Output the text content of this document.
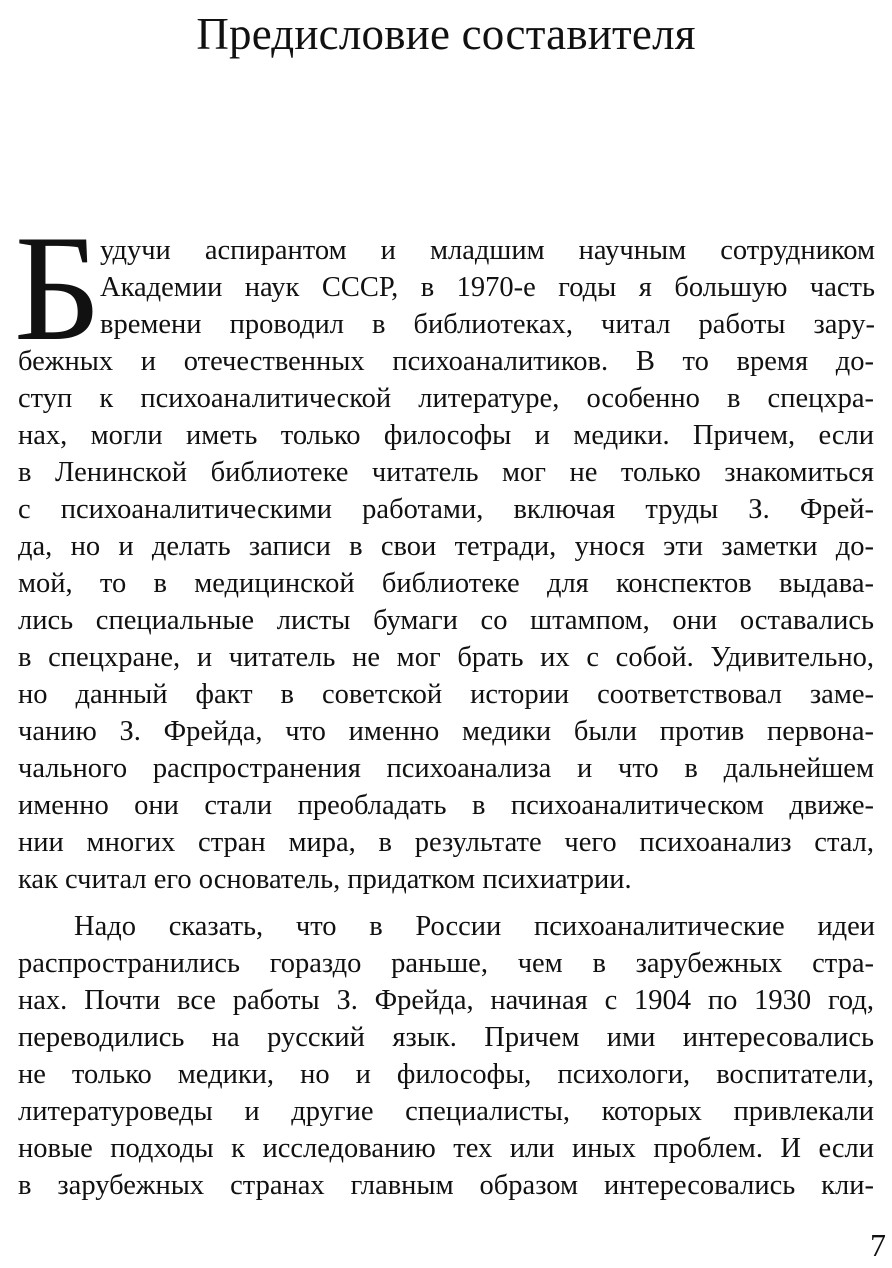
Предисловие составителя
Б
удучи аспирантом и младшим научным сотрудником
Академии наук СССР, в 1970-е годы я большую часть
времени проводил в библиотеках, читал работы зару-
бежных и отечественных психоаналитиков. В то время до-
ступ к психоаналитической литературе, особенно в спецхра-
нах, могли иметь только философы и медики. Причем, если
в Ленинской библиотеке читатель мог не только знакомиться
с психоаналитическими работами, включая труды З. Фрей-
да, но и делать записи в свои тетради, унося эти заметки до-
мой, то в медицинской библиотеке для конспектов выдава-
лись специальные листы бумаги со штампом, они оставались
в спецхране, и читатель не мог брать их с собой. Удивительно,
но данный факт в советской истории соответствовал заме-
чанию З. Фрейда, что именно медики были против первона-
чального распространения психоанализа и что в дальнейшем
именно они стали преобладать в психоаналитическом движе-
нии многих стран мира, в результате чего психоанализ стал,
как считал его основатель, придатком психиатрии.
Надо сказать, что в России психоаналитические идеи
распространились гораздо раньше, чем в зарубежных стра-
нах. Почти все работы З. Фрейда, начиная с 1904 по 1930 год,
переводились на русский язык. Причем ими интересовались
не только медики, но и философы, психологи, воспитатели,
литературоведы и другие специалисты, которых привлекали
новые подходы к исследованию тех или иных проблем. И если
в зарубежных странах главным образом интересовались кли-
7
